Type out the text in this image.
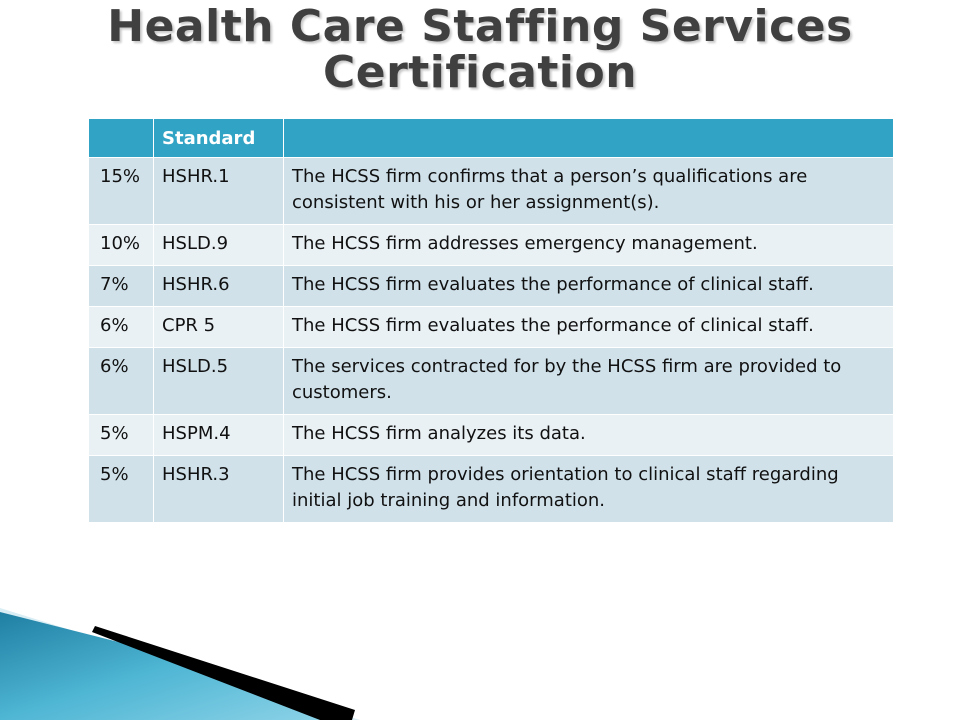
Health Care Staffing Services Certification
	Standard	
15%	HSHR.1	The HCSS firm confirms that a person’s qualifications are consistent with his or her assignment(s).
10%	HSLD.9	The HCSS firm addresses emergency management.
7%	HSHR.6	The HCSS firm evaluates the performance of clinical staff.
6%	CPR 5	The HCSS firm evaluates the performance of clinical staff.
6%	HSLD.5	The services contracted for by the HCSS firm are provided to customers.
5%	HSPM.4	The HCSS firm analyzes its data.
5%	HSHR.3	The HCSS firm provides orientation to clinical staff regarding initial job training and information.
